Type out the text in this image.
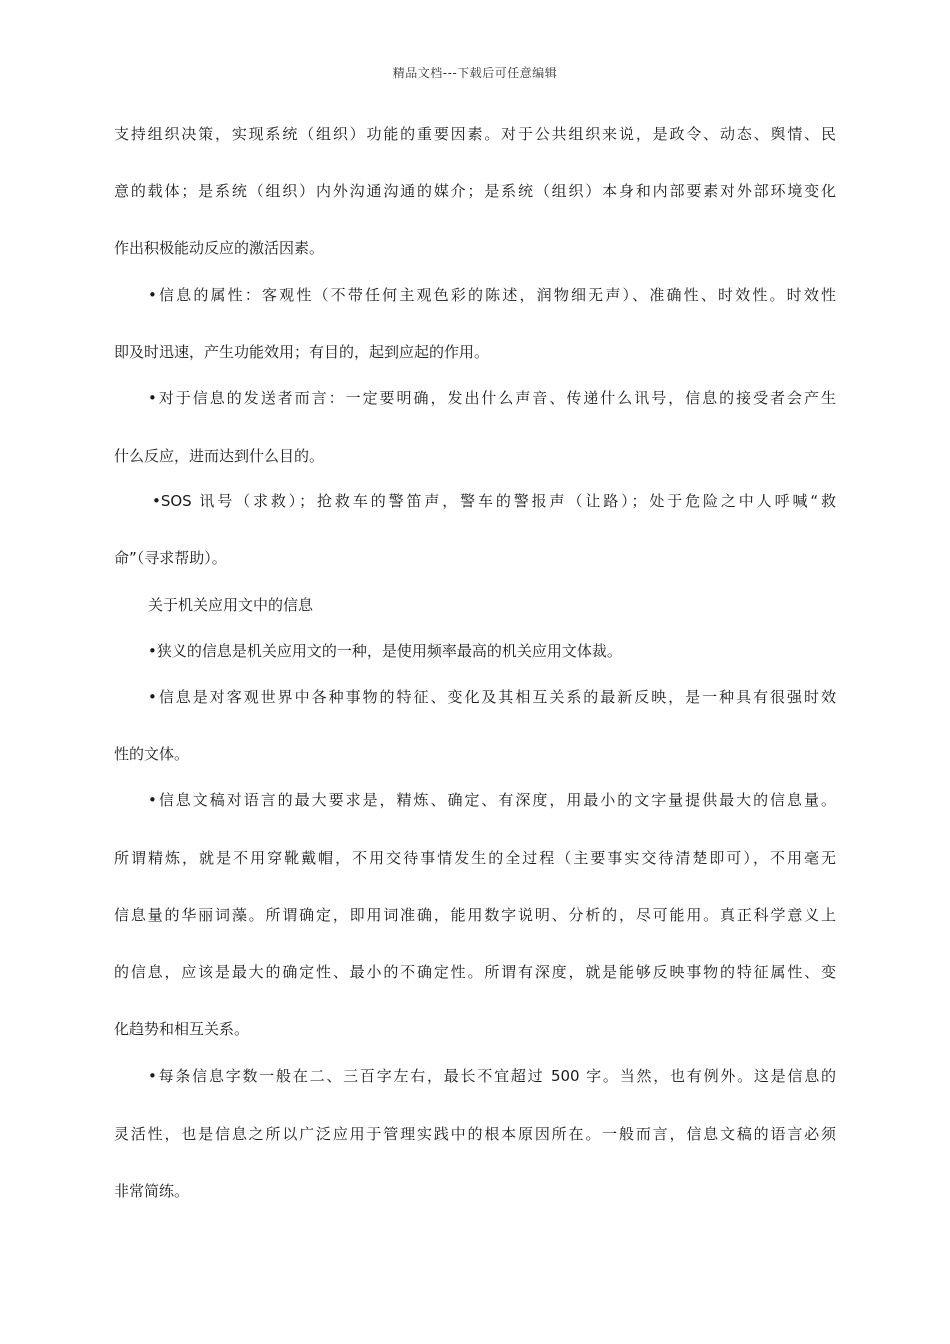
精品文档---下载后可任意编辑
支持组织决策，实现系统（组织）功能的重要因素。对于公共组织来说，是政令、动态、舆情、民
意的载体；是系统（组织）内外沟通沟通的媒介；是系统（组织）本身和内部要素对外部环境变化
作出积极能动反应的激活因素。
•信息的属性：客观性（不带任何主观色彩的陈述，润物细无声）、准确性、时效性。时效性
即及时迅速，产生功能效用；有目的，起到应起的作用。
•对于信息的发送者而言：一定要明确，发出什么声音、传递什么讯号，信息的接受者会产生
什么反应，进而达到什么目的。
•SOS 讯号（求救）；抢救车的警笛声，警车的警报声（让路）；处于危险之中人呼喊“救
命”（寻求帮助）。
关于机关应用文中的信息
•狭义的信息是机关应用文的一种，是使用频率最高的机关应用文体裁。
•信息是对客观世界中各种事物的特征、变化及其相互关系的最新反映，是一种具有很强时效
性的文体。
•信息文稿对语言的最大要求是，精炼、确定、有深度，用最小的文字量提供最大的信息量。
所谓精炼，就是不用穿靴戴帽，不用交待事情发生的全过程（主要事实交待清楚即可），不用毫无
信息量的华丽词藻。所谓确定，即用词准确，能用数字说明、分析的，尽可能用。真正科学意义上
的信息，应该是最大的确定性、最小的不确定性。所谓有深度，就是能够反映事物的特征属性、变
化趋势和相互关系。
•每条信息字数一般在二、三百字左右，最长不宜超过 500 字。当然，也有例外。这是信息的
灵活性，也是信息之所以广泛应用于管理实践中的根本原因所在。一般而言，信息文稿的语言必须
非常简练。
